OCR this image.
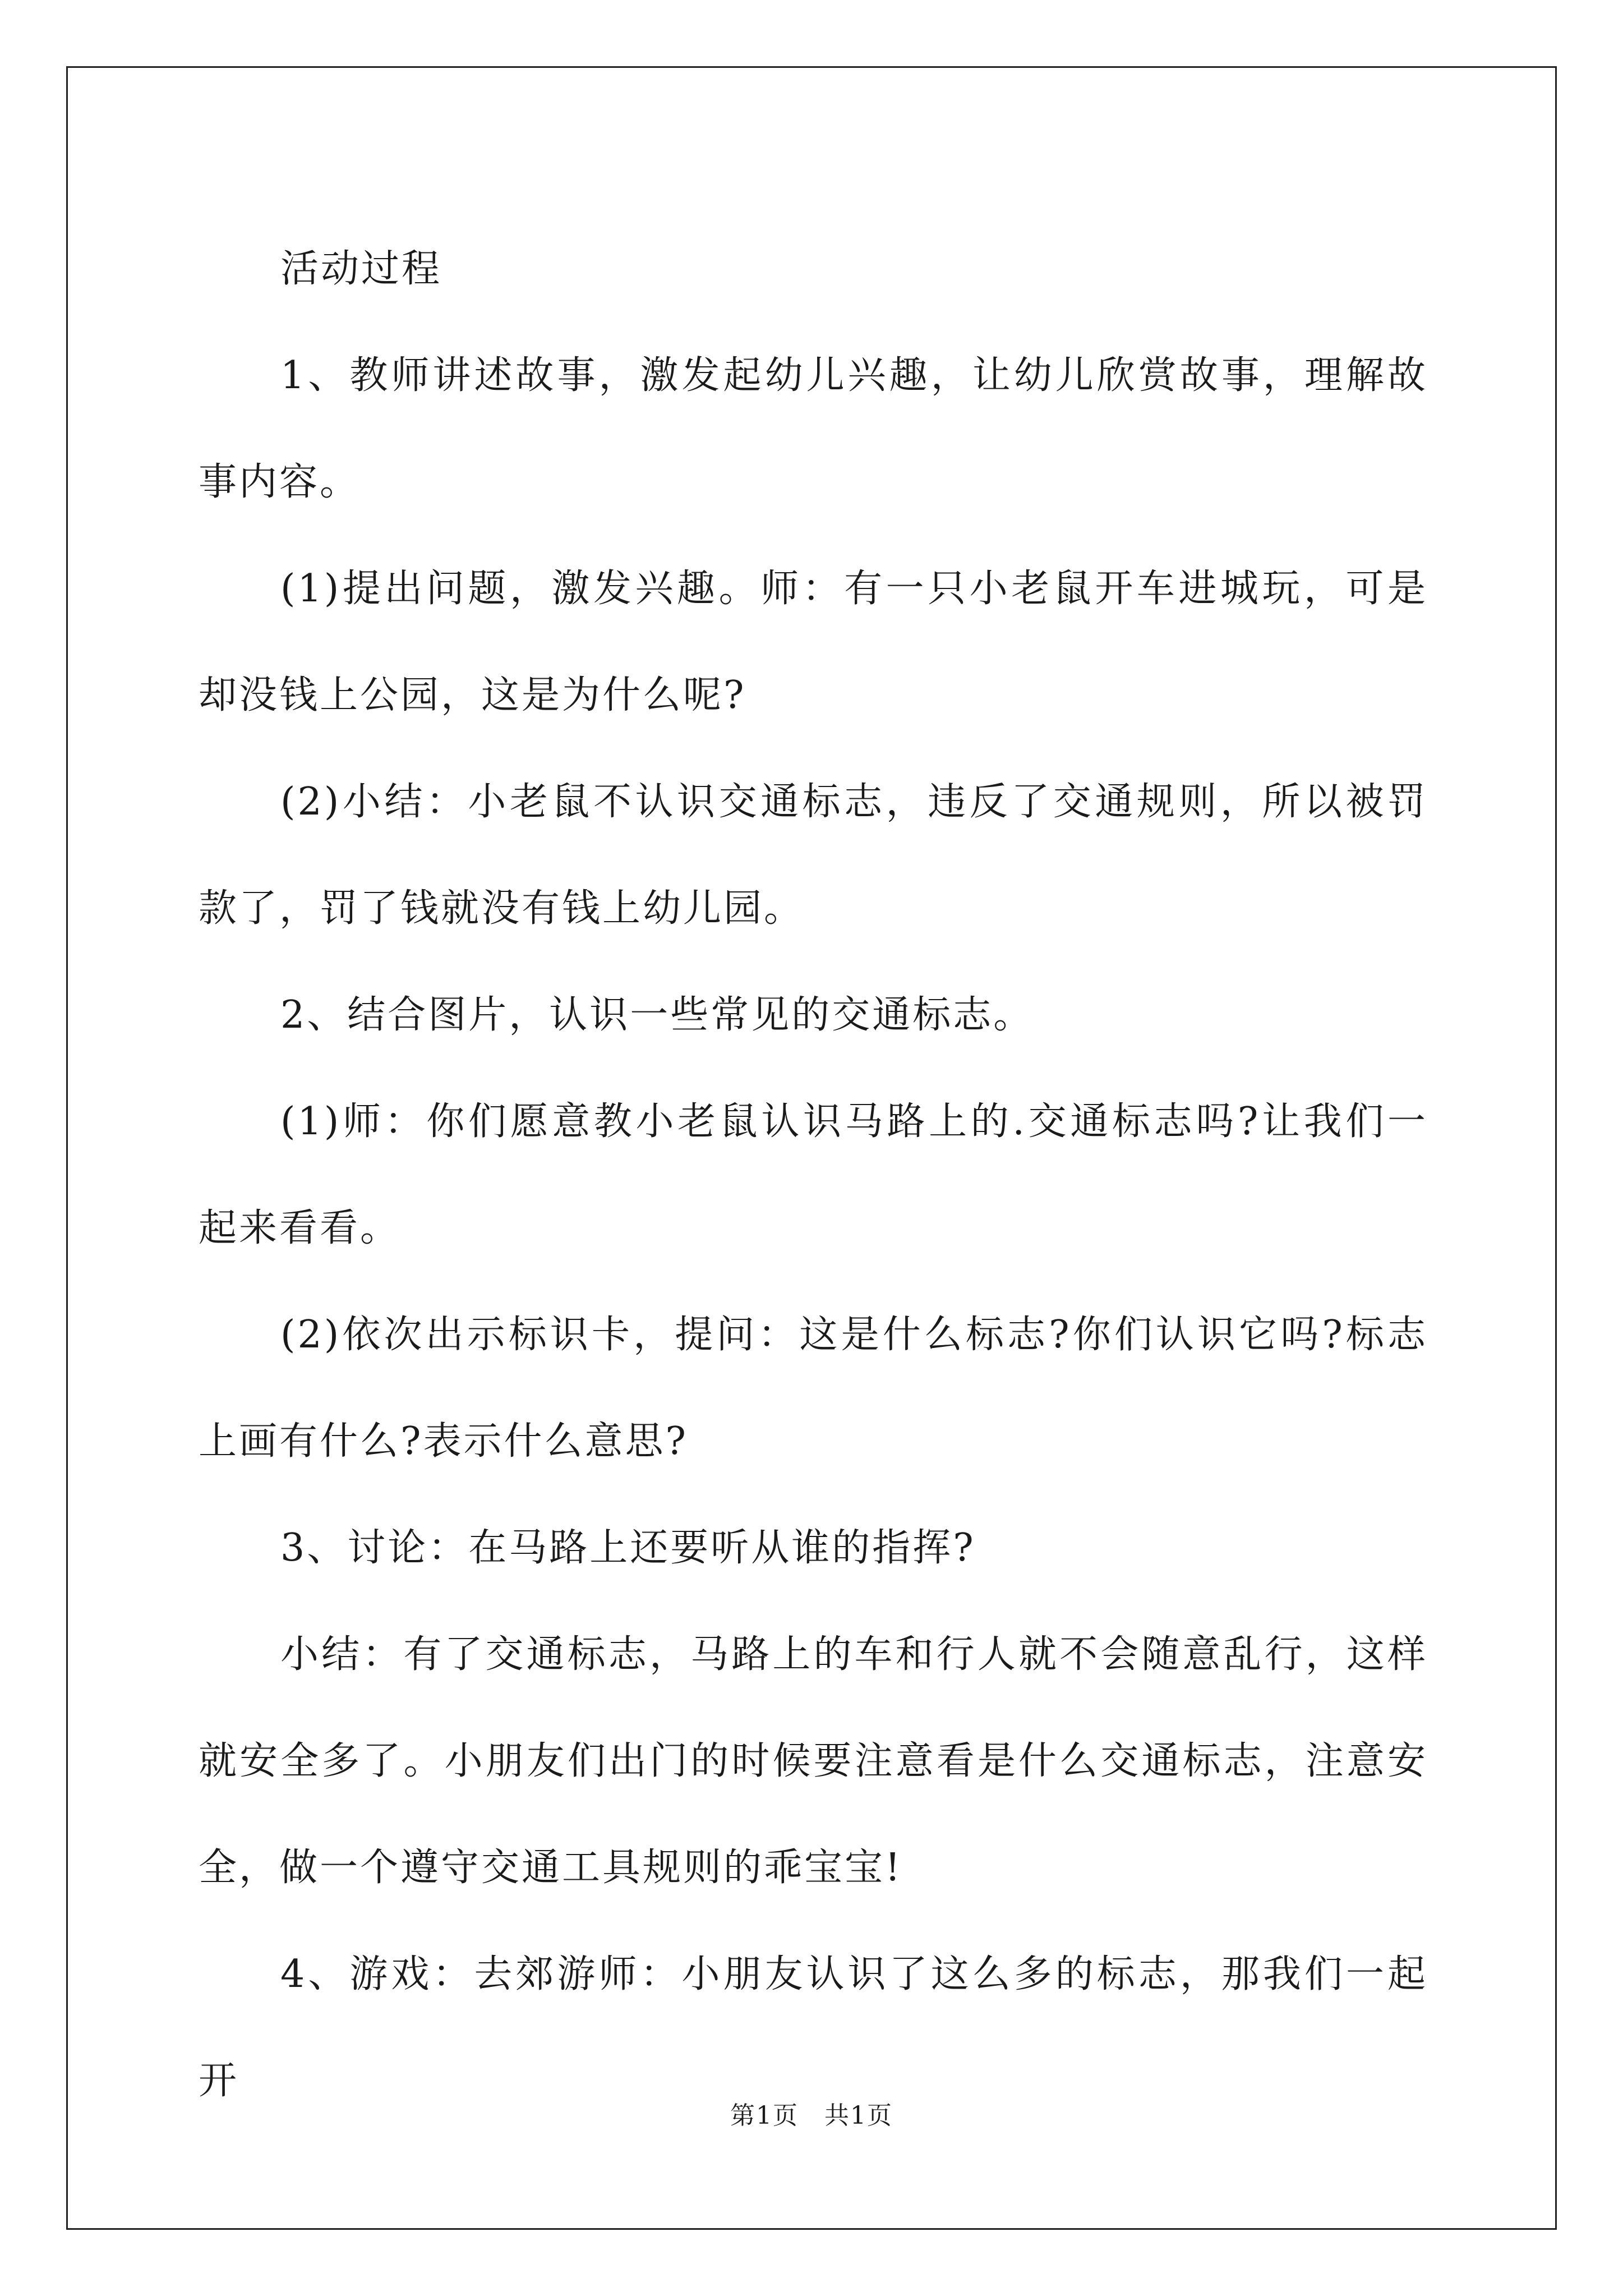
活动过程

1、教师讲述故事，激发起幼儿兴趣，让幼儿欣赏故事，理解故事内容。

(1)提出问题，激发兴趣。师：有一只小老鼠开车进城玩，可是却没钱上公园，这是为什么呢?

(2)小结：小老鼠不认识交通标志，违反了交通规则，所以被罚款了，罚了钱就没有钱上幼儿园。

2、结合图片，认识一些常见的交通标志。

(1)师：你们愿意教小老鼠认识马路上的.交通标志吗?让我们一起来看看。

(2)依次出示标识卡，提问：这是什么标志?你们认识它吗?标志上画有什么?表示什么意思?

3、讨论：在马路上还要听从谁的指挥?

小结：有了交通标志，马路上的车和行人就不会随意乱行，这样就安全多了。小朋友们出门的时候要注意看是什么交通标志，注意安全，做一个遵守交通工具规则的乖宝宝!

4、游戏：去郊游师：小朋友认识了这么多的标志，那我们一起开

第1页　共1页
